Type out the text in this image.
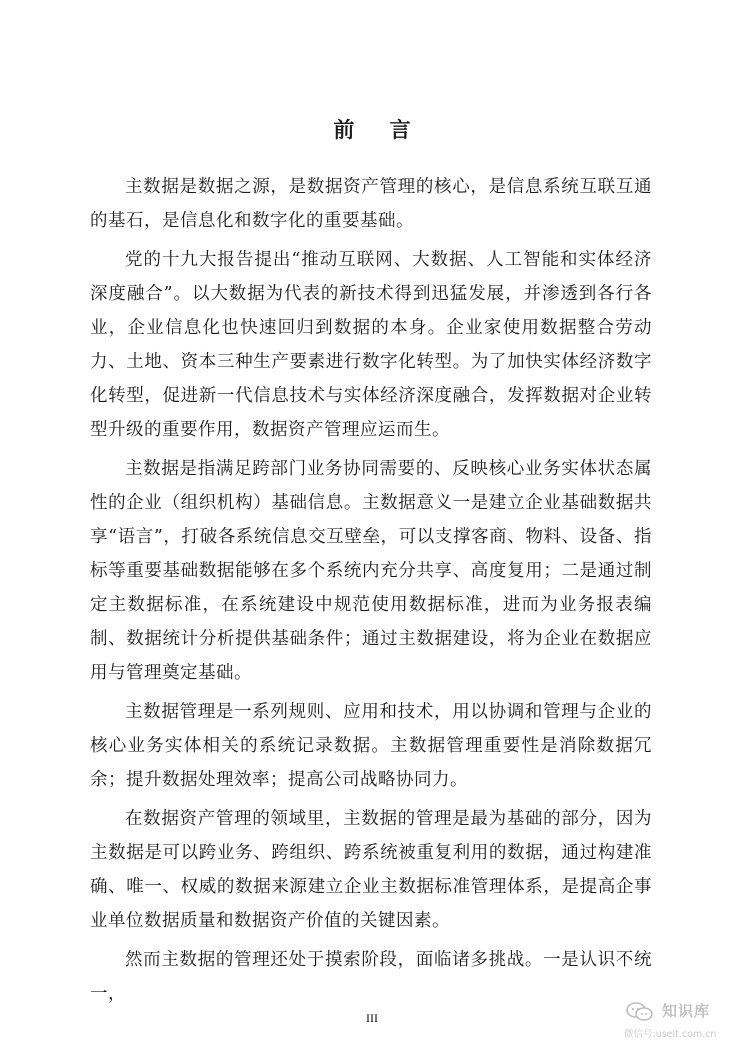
前 言

主数据是数据之源，是数据资产管理的核心，是信息系统互联互通的基石，是信息化和数字化的重要基础。

党的十九大报告提出“推动互联网、大数据、人工智能和实体经济深度融合”。以大数据为代表的新技术得到迅猛发展，并渗透到各行各业，企业信息化也快速回归到数据的本身。企业家使用数据整合劳动力、土地、资本三种生产要素进行数字化转型。为了加快实体经济数字化转型，促进新一代信息技术与实体经济深度融合，发挥数据对企业转型升级的重要作用，数据资产管理应运而生。

主数据是指满足跨部门业务协同需要的、反映核心业务实体状态属性的企业（组织机构）基础信息。主数据意义一是建立企业基础数据共享“语言”，打破各系统信息交互壁垒，可以支撑客商、物料、设备、指标等重要基础数据能够在多个系统内充分共享、高度复用；二是通过制定主数据标准，在系统建设中规范使用数据标准，进而为业务报表编制、数据统计分析提供基础条件；通过主数据建设，将为企业在数据应用与管理奠定基础。

主数据管理是一系列规则、应用和技术，用以协调和管理与企业的核心业务实体相关的系统记录数据。主数据管理重要性是消除数据冗余；提升数据处理效率；提高公司战略协同力。

在数据资产管理的领域里，主数据的管理是最为基础的部分，因为主数据是可以跨业务、跨组织、跨系统被重复利用的数据，通过构建准确、唯一、权威的数据来源建立企业主数据标准管理体系，是提高企事业单位数据质量和数据资产价值的关键因素。

然而主数据的管理还处于摸索阶段，面临诸多挑战。一是认识不统一，

III	知识库
微信号:useit.com.cn
